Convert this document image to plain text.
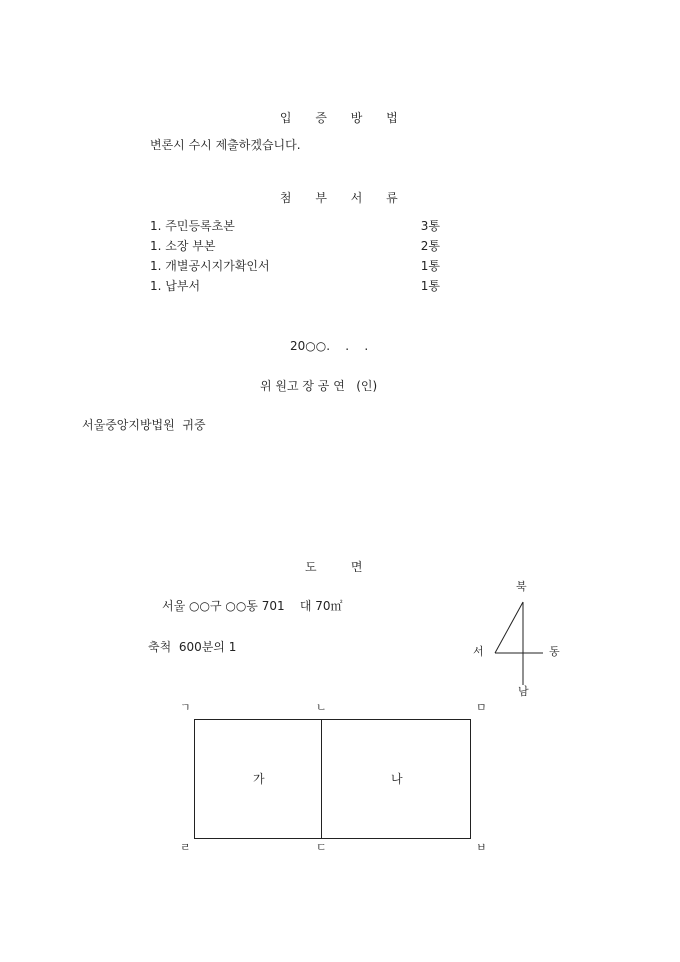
입 증 방 법

변론시 수시 제출하겠습니다.

첨 부 서 류

1. 주민등록초본	3통
1. 소장 부본	2통
1. 개별공시지가확인서	1통
1. 납부서	1통
20○○.    .    .
위 원고 장 공 연   (인)
서울중앙지방법원  귀중
도         면
서울 ○○구 ○○동 701    대 70㎡
축척  600분의 1
북
서	동
남
ㄱ	ㄴ	ㅁ
ㄹ	ㄷ	ㅂ
가	나
